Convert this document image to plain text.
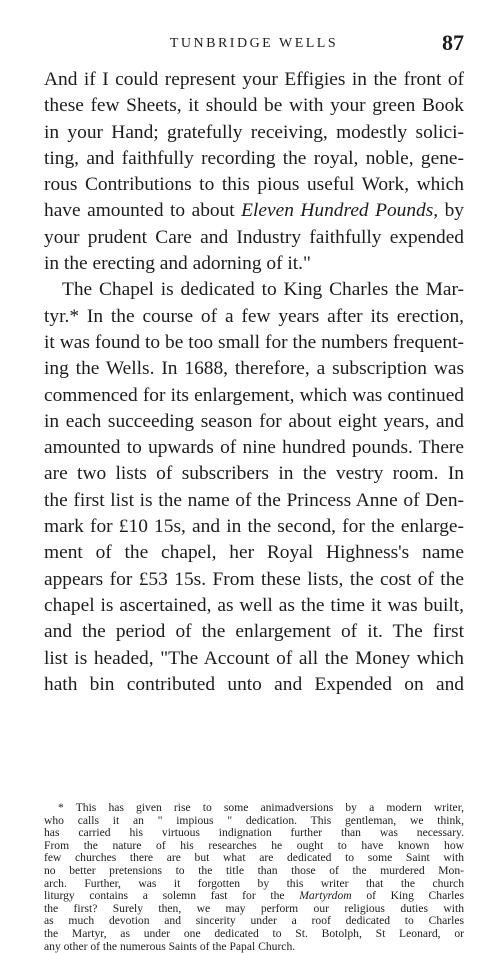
TUNBRIDGE WELLS	87
And if I could represent your Effigies in the front of
these few Sheets, it should be with your green Book
in your Hand; gratefully receiving, modestly solici-
ting, and faithfully recording the royal, noble, gene-
rous Contributions to this pious useful Work, which
have amounted to about Eleven Hundred Pounds, by
your prudent Care and Industry faithfully expended
in the erecting and adorning of it."
The Chapel is dedicated to King Charles the Mar-
tyr.* In the course of a few years after its erection,
it was found to be too small for the numbers frequent-
ing the Wells. In 1688, therefore, a subscription was
commenced for its enlargement, which was continued
in each succeeding season for about eight years, and
amounted to upwards of nine hundred pounds. There
are two lists of subscribers in the vestry room. In
the first list is the name of the Princess Anne of Den-
mark for £10 15s, and in the second, for the enlarge-
ment of the chapel, her Royal Highness's name
appears for £53 15s. From these lists, the cost of the
chapel is ascertained, as well as the time it was built,
and the period of the enlargement of it. The first
list is headed, "The Account of all the Money which
hath bin contributed unto and Expended on and
* This has given rise to some animadversions by a modern writer,
who calls it an " impious " dedication. This gentleman, we think,
has carried his virtuous indignation further than was necessary.
From the nature of his researches he ought to have known how
few churches there are but what are dedicated to some Saint with
no better pretensions to the title than those of the murdered Mon-
arch. Further, was it forgotten by this writer that the church
liturgy contains a solemn fast for the Martyrdom of King Charles
the first? Surely then, we may perform our religious duties with
as much devotion and sincerity under a roof dedicated to Charles
the Martyr, as under one dedicated to St. Botolph, St Leonard, or
any other of the numerous Saints of the Papal Church.
